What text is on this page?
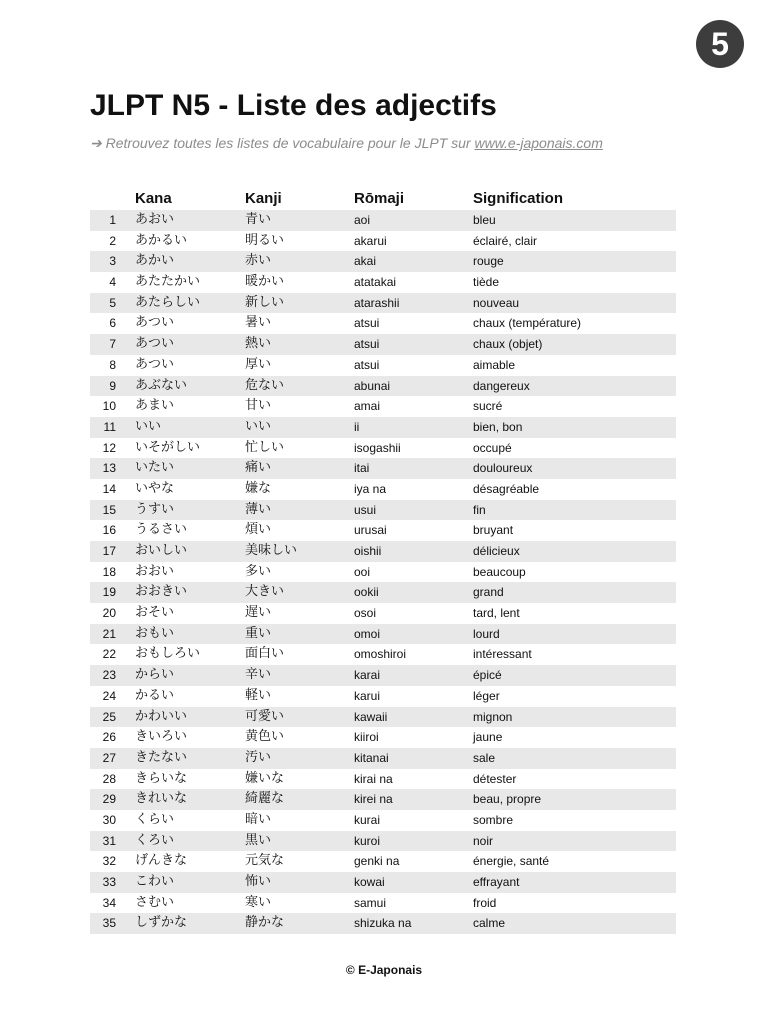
5
JLPT N5 - Liste des adjectifs
➔ Retrouvez toutes les listes de vocabulaire pour le JLPT sur www.e-japonais.com
Kana	Kanji	Rōmaji	Signification
1 あおい	青い	aoi	bleu
2 あかるい	明るい	akarui	éclairé, clair
3 あかい	赤い	akai	rouge
4 あたたかい	暖かい	atatakai	tiède
5 あたらしい	新しい	atarashii	nouveau
6 あつい	暑い	atsui	chaux (température)
7 あつい	熱い	atsui	chaux (objet)
8 あつい	厚い	atsui	aimable
9 あぶない	危ない	abunai	dangereux
10 あまい	甘い	amai	sucré
11 いい	いい	ii	bien, bon
12 いそがしい	忙しい	isogashii	occupé
13 いたい	痛い	itai	douloureux
14 いやな	嫌な	iya na	désagréable
15 うすい	薄い	usui	fin
16 うるさい	煩い	urusai	bruyant
17 おいしい	美味しい	oishii	délicieux
18 おおい	多い	ooi	beaucoup
19 おおきい	大きい	ookii	grand
20 おそい	遅い	osoi	tard, lent
21 おもい	重い	omoi	lourd
22 おもしろい	面白い	omoshiroi	intéressant
23 からい	辛い	karai	épicé
24 かるい	軽い	karui	léger
25 かわいい	可愛い	kawaii	mignon
26 きいろい	黄色い	kiiroi	jaune
27 きたない	汚い	kitanai	sale
28 きらいな	嫌いな	kirai na	détester
29 きれいな	綺麗な	kirei na	beau, propre
30 くらい	暗い	kurai	sombre
31 くろい	黒い	kuroi	noir
32 げんきな	元気な	genki na	énergie, santé
33 こわい	怖い	kowai	effrayant
34 さむい	寒い	samui	froid
35 しずかな	静かな	shizuka na	calme
© E-Japonais
